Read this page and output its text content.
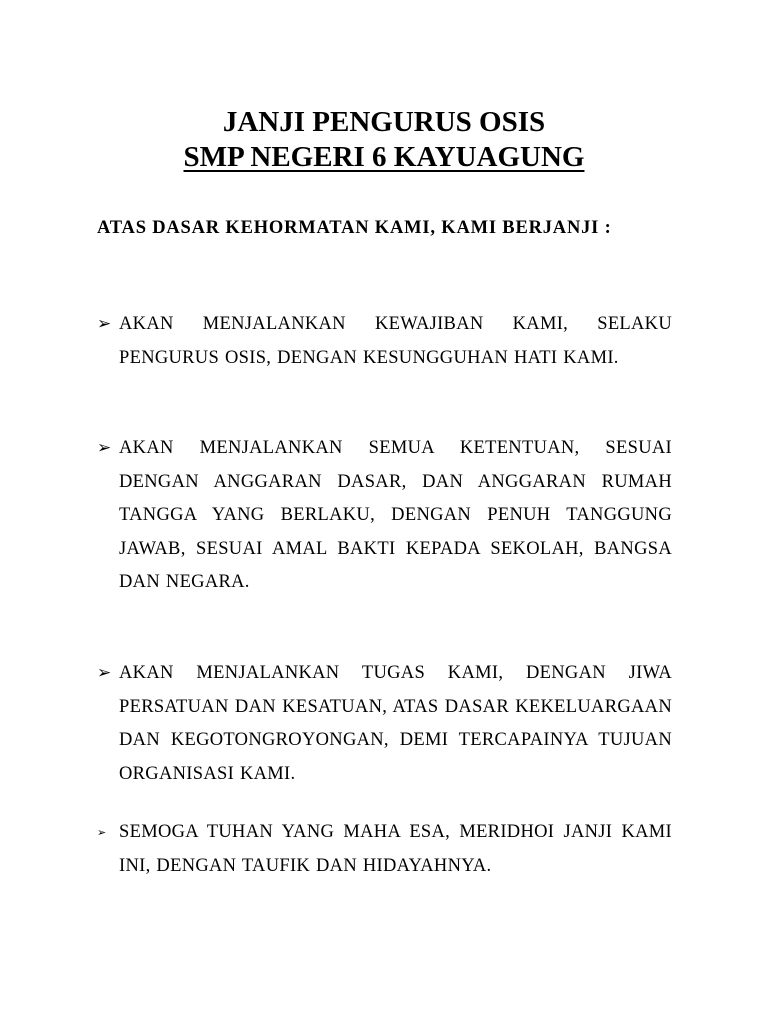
JANJI PENGURUS OSIS
SMP NEGERI 6 KAYUAGUNG

ATAS DASAR KEHORMATAN KAMI, KAMI BERJANJI :

➢ AKAN MENJALANKAN KEWAJIBAN KAMI, SELAKU PENGURUS OSIS, DENGAN KESUNGGUHAN HATI KAMI.
➢ AKAN MENJALANKAN SEMUA KETENTUAN, SESUAI DENGAN ANGGARAN DASAR, DAN ANGGARAN RUMAH TANGGA YANG BERLAKU, DENGAN PENUH TANGGUNG JAWAB, SESUAI AMAL BAKTI KEPADA SEKOLAH, BANGSA DAN NEGARA.
➢ AKAN MENJALANKAN TUGAS KAMI, DENGAN JIWA PERSATUAN DAN KESATUAN, ATAS DASAR KEKELUARGAAN DAN KEGOTONGROYONGAN, DEMI TERCAPAINYA TUJUAN ORGANISASI KAMI.
➢ SEMOGA TUHAN YANG MAHA ESA, MERIDHOI JANJI KAMI INI, DENGAN TAUFIK DAN HIDAYAHNYA.
